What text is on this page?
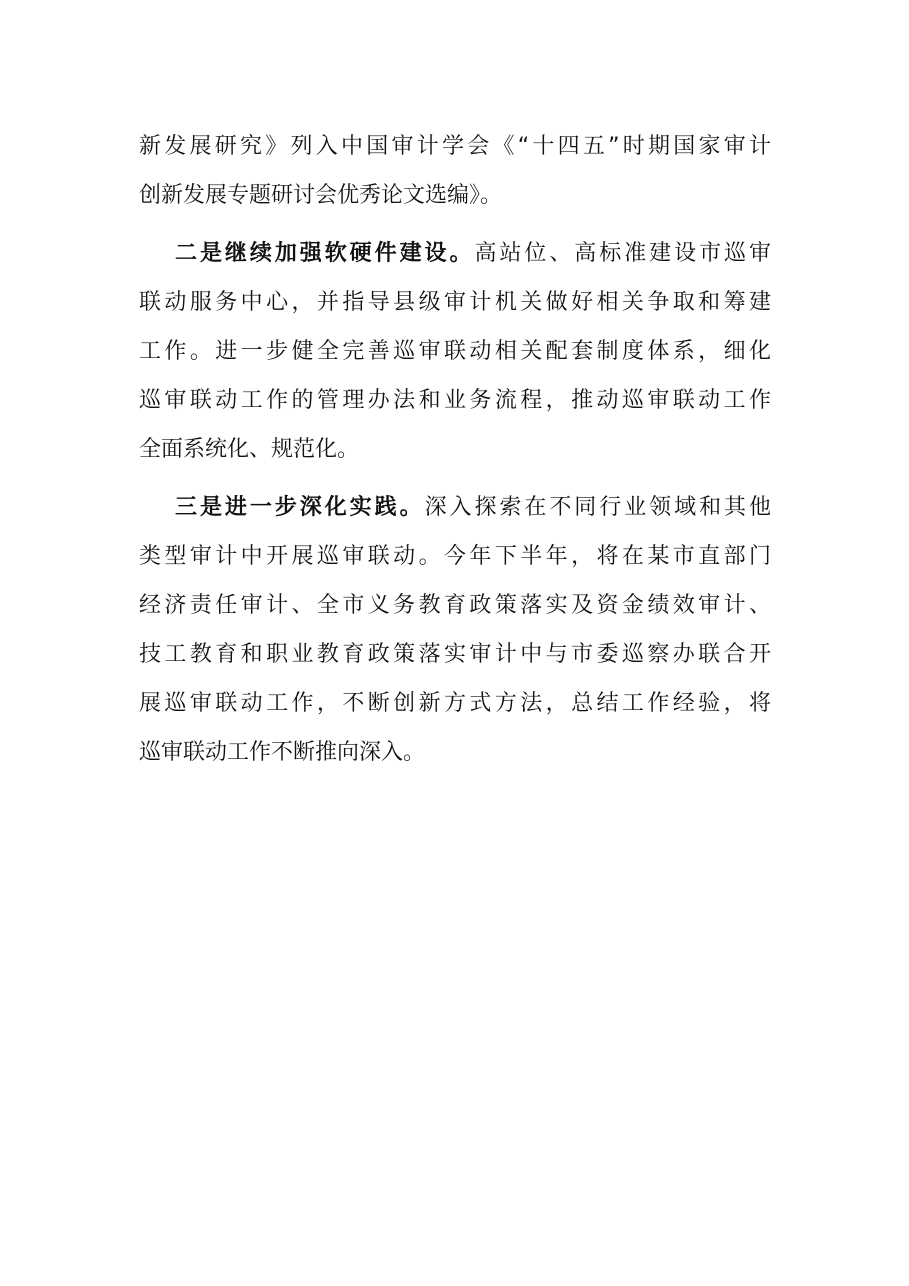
新发展研究》列入中国审计学会《“十四五”时期国家审计
创新发展专题研讨会优秀论文选编》。
二是继续加强软硬件建设。高站位、高标准建设市巡审
联动服务中心，并指导县级审计机关做好相关争取和筹建
工作。进一步健全完善巡审联动相关配套制度体系，细化
巡审联动工作的管理办法和业务流程，推动巡审联动工作
全面系统化、规范化。
三是进一步深化实践。深入探索在不同行业领域和其他
类型审计中开展巡审联动。今年下半年，将在某市直部门
经济责任审计、全市义务教育政策落实及资金绩效审计、
技工教育和职业教育政策落实审计中与市委巡察办联合开
展巡审联动工作，不断创新方式方法，总结工作经验，将
巡审联动工作不断推向深入。
